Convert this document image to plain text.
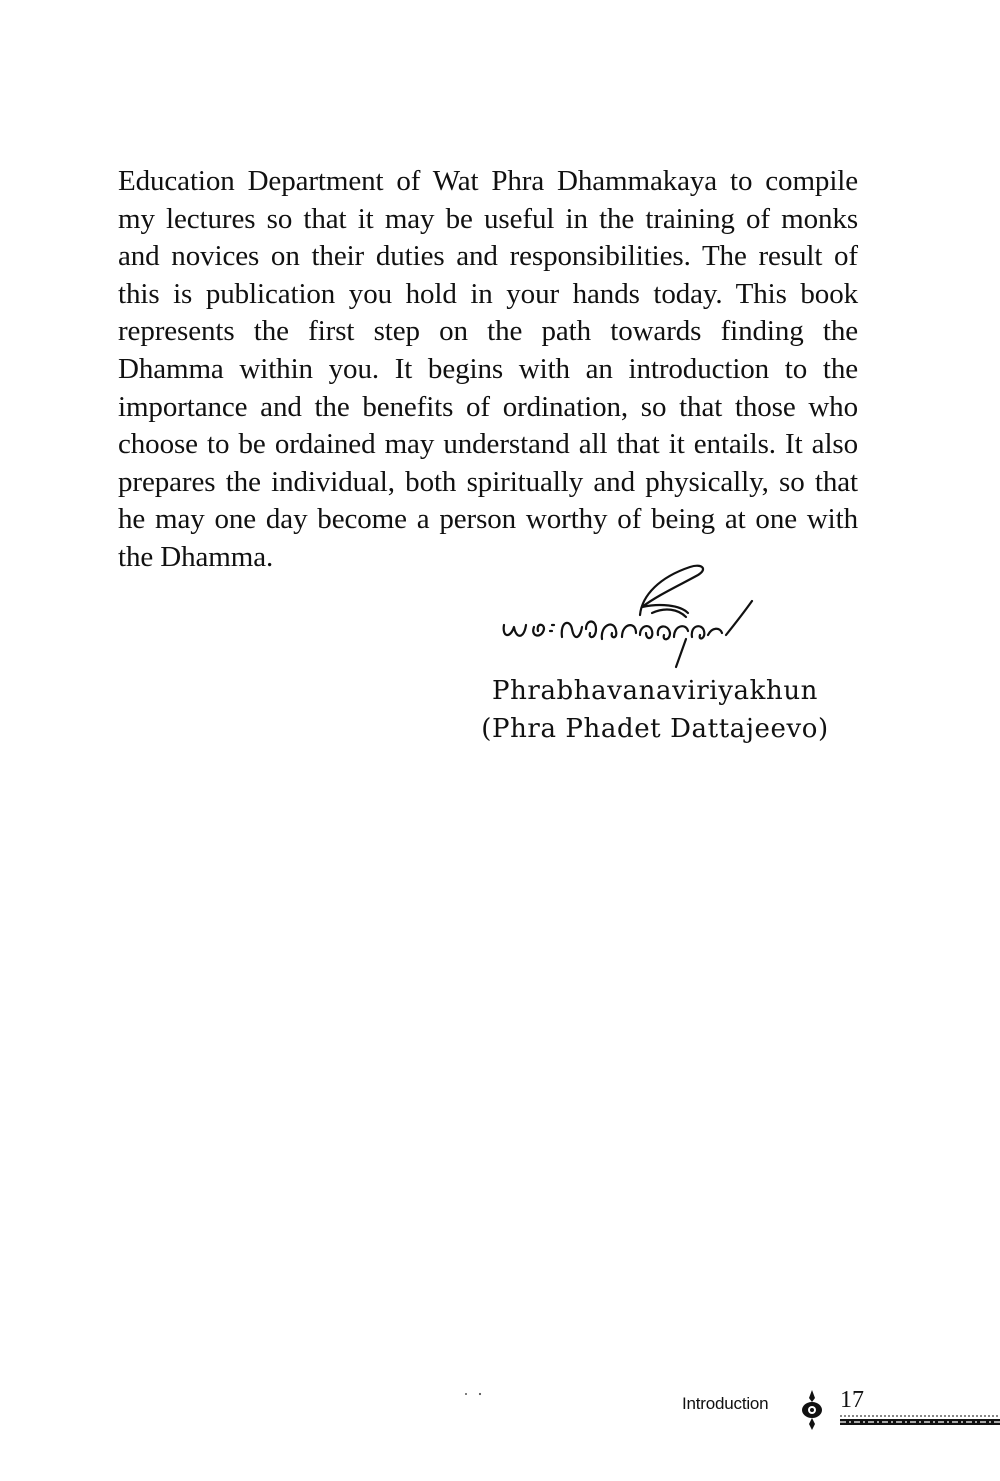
Education Department of Wat Phra Dhammakaya to compile my lectures so that it may be useful in the training of monks and novices on their duties and responsibilities. The result of this is publication you hold in your hands today. This book represents the first step on the path towards finding the Dhamma within you. It begins with an introduction to the importance and the benefits of ordination, so that those who choose to be ordained may understand all that it entails. It also prepares the individual, both spiritually and physically, so that he may one day become a person worthy of being at one with the Dhamma.

Phrabhavanaviriyakhun
(Phra Phadet Dattajeevo)
Introduction	17
